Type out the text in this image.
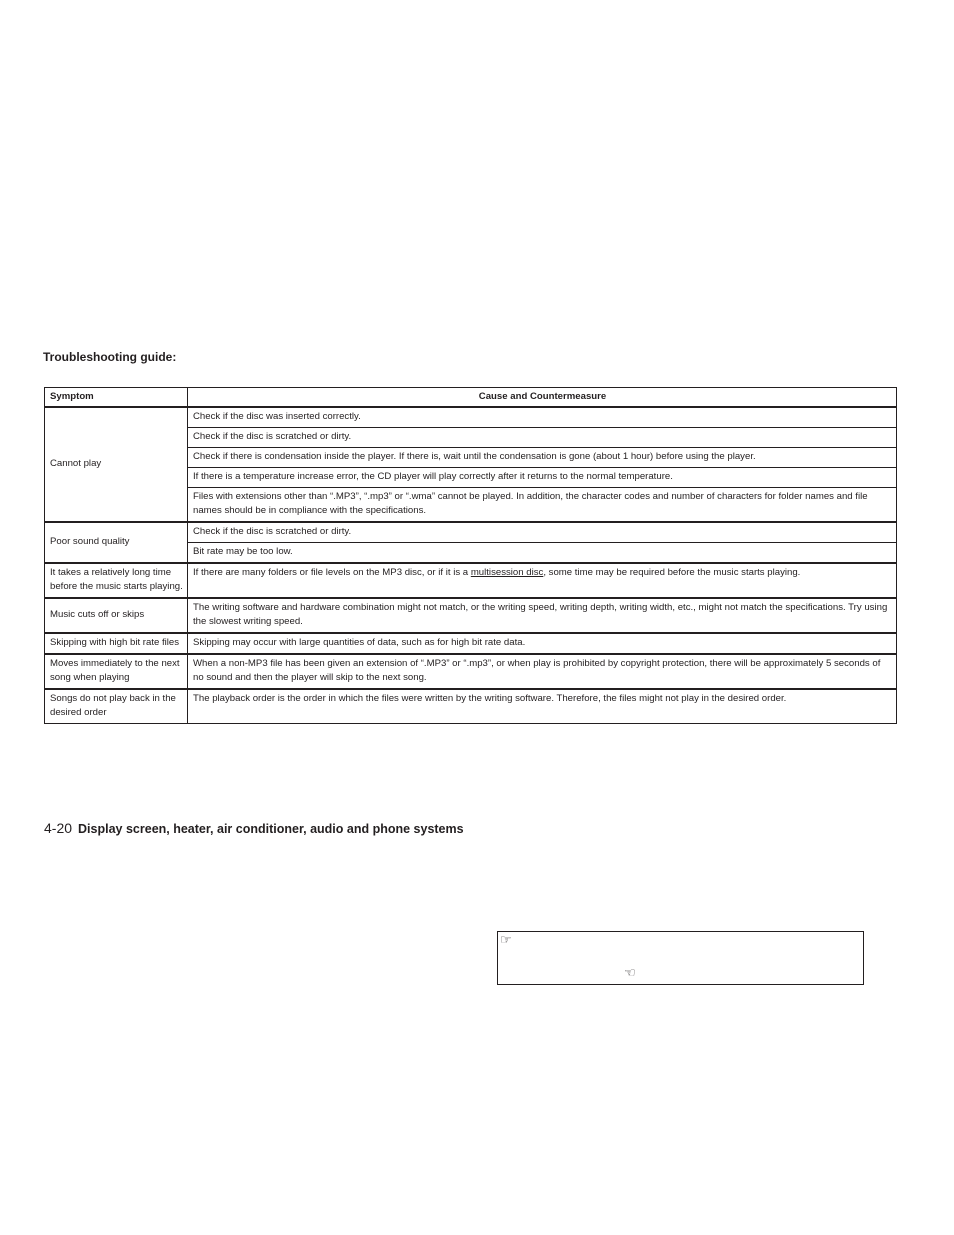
Troubleshooting guide:
Symptom	Cause and Countermeasure
Cannot play	Check if the disc was inserted correctly.
	Check if the disc is scratched or dirty.
	Check if there is condensation inside the player. If there is, wait until the condensation is gone (about 1 hour) before using the player.
	If there is a temperature increase error, the CD player will play correctly after it returns to the normal temperature.
	Files with extensions other than “.MP3”, “.mp3” or “.wma” cannot be played. In addition, the character codes and number of characters for folder names and file names should be in compliance with the specifications.
Poor sound quality	Check if the disc is scratched or dirty.
	Bit rate may be too low.
It takes a relatively long time before the music starts playing.	If there are many folders or file levels on the MP3 disc, or if it is a multisession disc, some time may be required before the music starts playing.
Music cuts off or skips	The writing software and hardware combination might not match, or the writing speed, writing depth, writing width, etc., might not match the specifications. Try using the slowest writing speed.
Skipping with high bit rate files	Skipping may occur with large quantities of data, such as for high bit rate data.
Moves immediately to the next song when playing	When a non-MP3 file has been given an extension of “.MP3” or “.mp3”, or when play is prohibited by copyright protection, there will be approximately 5 seconds of no sound and then the player will skip to the next song.
Songs do not play back in the desired order	The playback order is the order in which the files were written by the writing software. Therefore, the files might not play in the desired order.

4-20 Display screen, heater, air conditioner, audio and phone systems

☞
☜
